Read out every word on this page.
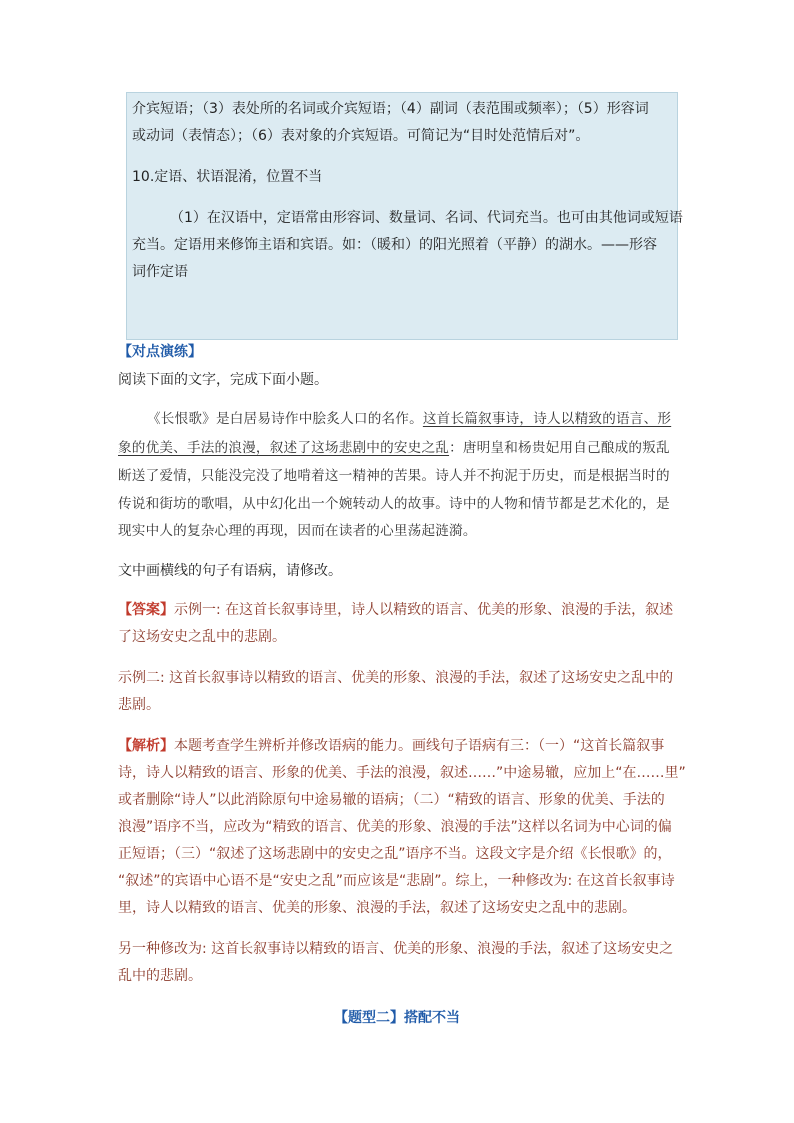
介宾短语；（3）表处所的名词或介宾短语；（4）副词（表范围或频率）；（5）形容词
或动词（表情态）；（6）表对象的介宾短语。可简记为“目时处范情后对”。
10.定语、状语混淆，位置不当
（1）在汉语中，定语常由形容词、数量词、名词、代词充当。也可由其他词或短语
充当。定语用来修饰主语和宾语。如：（暖和）的阳光照着（平静）的湖水。——形容
词作定语
【对点演练】
阅读下面的文字，完成下面小题。
《长恨歌》是白居易诗作中脍炙人口的名作。这首长篇叙事诗，诗人以精致的语言、形
象的优美、手法的浪漫，叙述了这场悲剧中的安史之乱：唐明皇和杨贵妃用自己酿成的叛乱
断送了爱情，只能没完没了地啃着这一精神的苦果。诗人并不拘泥于历史，而是根据当时的
传说和街坊的歌唱，从中幻化出一个婉转动人的故事。诗中的人物和情节都是艺术化的，是
现实中人的复杂心理的再现，因而在读者的心里荡起涟漪。
文中画横线的句子有语病，请修改。
【答案】示例一: 在这首长叙事诗里，诗人以精致的语言、优美的形象、浪漫的手法，叙述
了这场安史之乱中的悲剧。
示例二: 这首长叙事诗以精致的语言、优美的形象、浪漫的手法，叙述了这场安史之乱中的
悲剧。
【解析】本题考查学生辨析并修改语病的能力。画线句子语病有三：（一）“这首长篇叙事
诗，诗人以精致的语言、形象的优美、手法的浪漫，叙述……”中途易辙，应加上“在……里”
或者删除“诗人”以此消除原句中途易辙的语病；（二）“精致的语言、形象的优美、手法的
浪漫”语序不当，应改为“精致的语言、优美的形象、浪漫的手法”这样以名词为中心词的偏
正短语；（三）“叙述了这场悲剧中的安史之乱”语序不当。这段文字是介绍《长恨歌》的，
“叙述”的宾语中心语不是“安史之乱”而应该是“悲剧”。综上，一种修改为: 在这首长叙事诗
里，诗人以精致的语言、优美的形象、浪漫的手法，叙述了这场安史之乱中的悲剧。
另一种修改为: 这首长叙事诗以精致的语言、优美的形象、浪漫的手法，叙述了这场安史之
乱中的悲剧。
【题型二】搭配不当
